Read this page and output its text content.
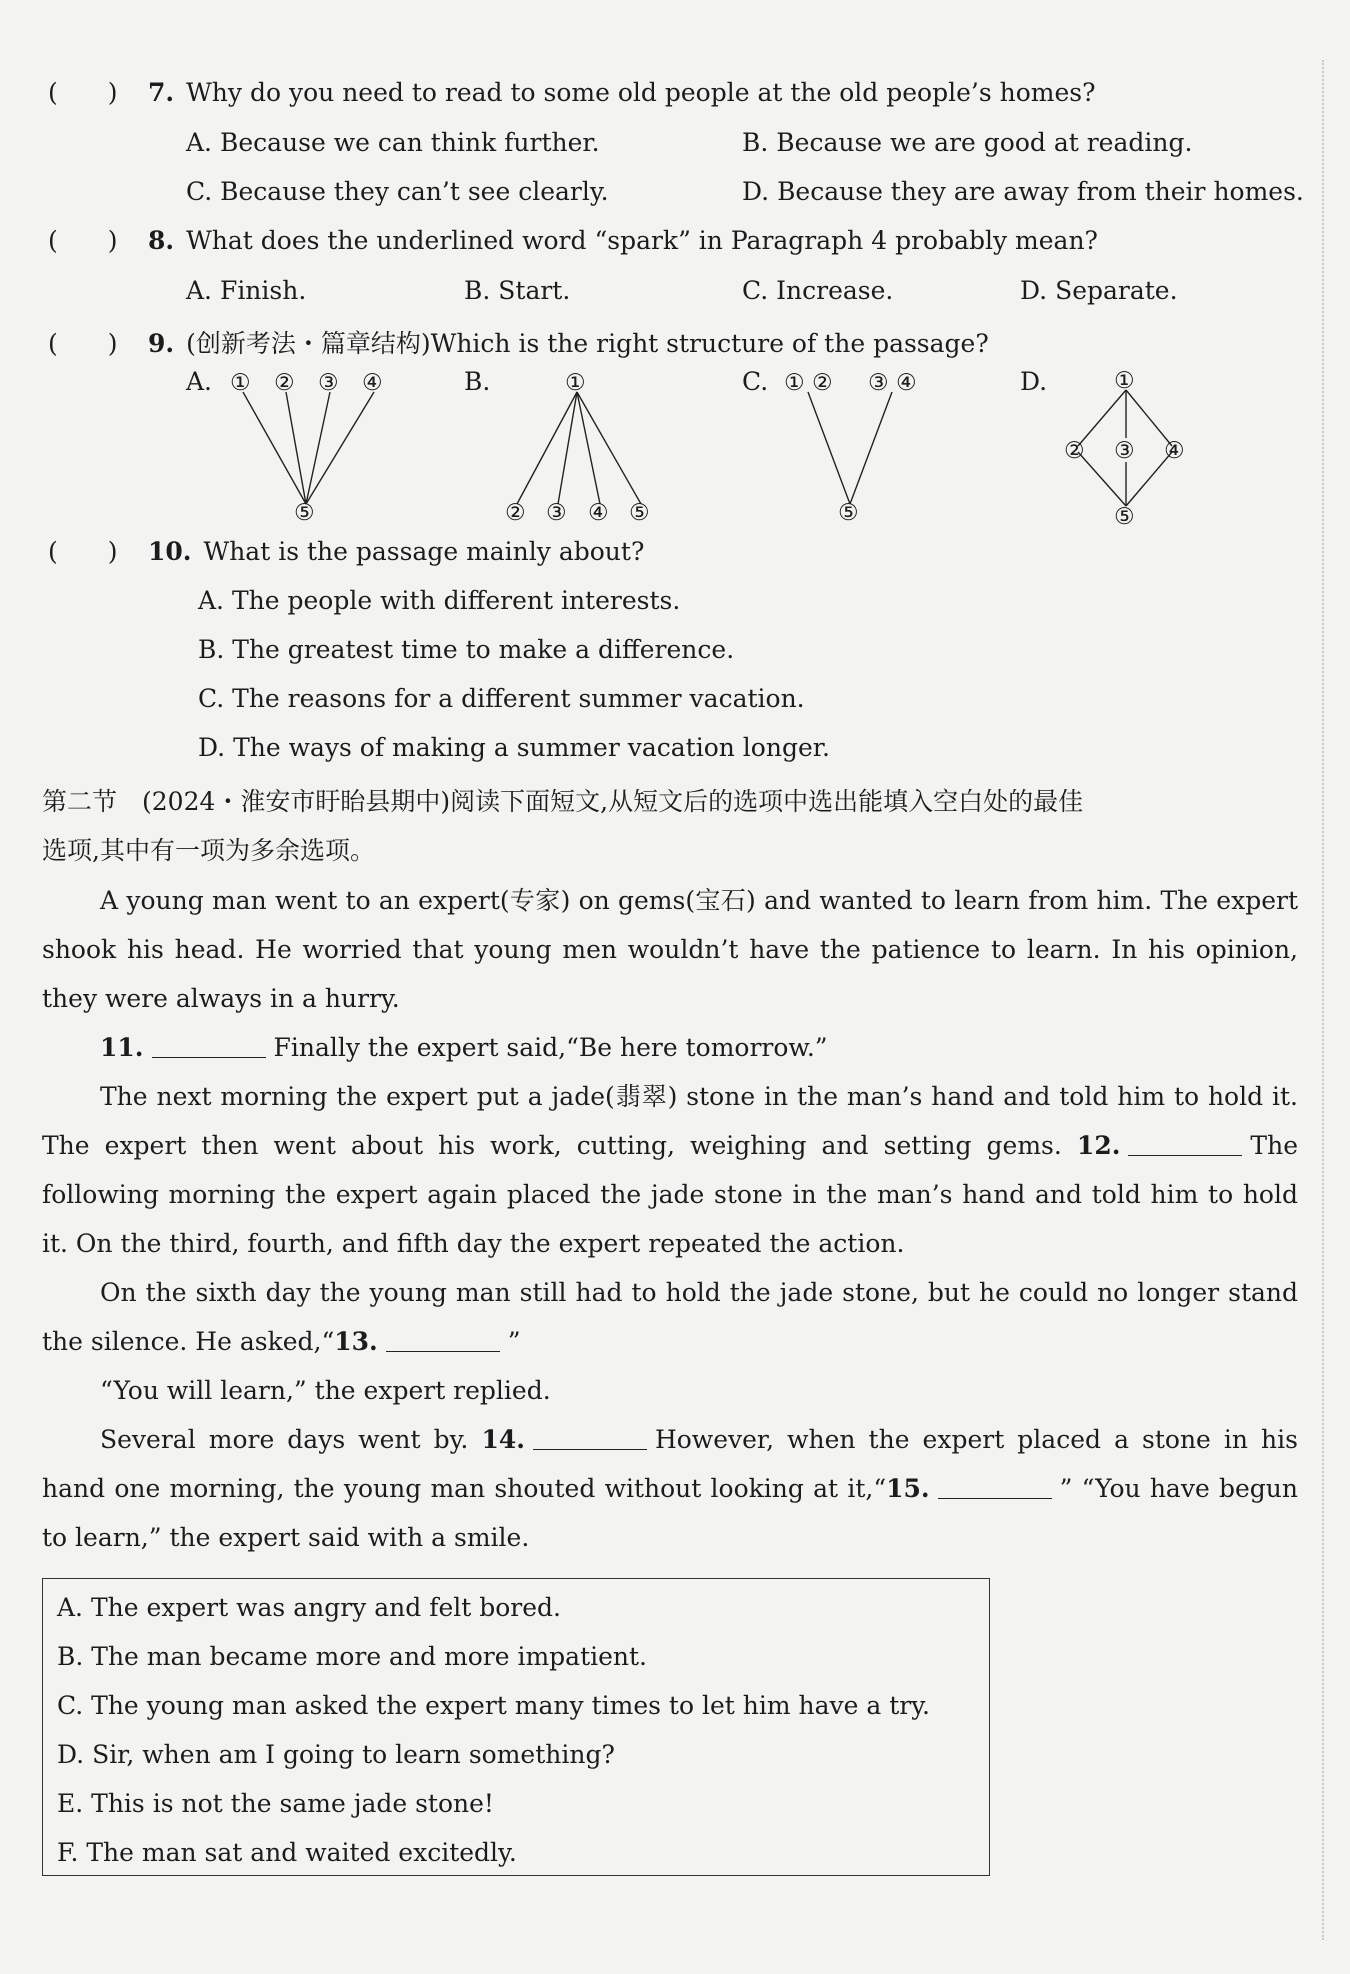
( ) 7. Why do you need to read to some old people at the old people’s homes?
A. Because we can think further.	B. Because we are good at reading.
C. Because they can’t see clearly.	D. Because they are away from their homes.
( ) 8. What does the underlined word “spark” in Paragraph 4 probably mean?
A. Finish.	B. Start.	C. Increase.	D. Separate.
( ) 9. (创新考法・篇章结构)Which is the right structure of the passage?
A. ① ② ③ ④
⑤
B.	①
② ③ ④ ⑤
C. ① ② ③ ④
⑤
D.	①
② ③ ④
⑤
( ) 10. What is the passage mainly about?
A. The people with different interests.
B. The greatest time to make a difference.
C. The reasons for a different summer vacation.
D. The ways of making a summer vacation longer.
第二节　(2024・淮安市盱眙县期中)阅读下面短文,从短文后的选项中选出能填入空白处的最佳
选项,其中有一项为多余选项。
A young man went to an expert(专家) on gems(宝石) and wanted to learn from him. The expert shook his head. He worried that young men wouldn’t have the patience to learn. In his opinion, they were always in a hurry.
11.	Finally the expert said,“Be here tomorrow.”
The next morning the expert put a jade(翡翠) stone in the man’s hand and told him to hold it. The expert then went about his work, cutting, weighing and setting gems. 12.	The following morning the expert again placed the jade stone in the man’s hand and told him to hold it. On the third, fourth, and fifth day the expert repeated the action.
On the sixth day the young man still had to hold the jade stone, but he could no longer stand the silence. He asked,“13.	”
“You will learn,” the expert replied.
Several more days went by. 14.	However, when the expert placed a stone in his hand one morning, the young man shouted without looking at it,“15.	” “You have begun to learn,” the expert said with a smile.
A. The expert was angry and felt bored.
B. The man became more and more impatient.
C. The young man asked the expert many times to let him have a try.
D. Sir, when am I going to learn something?
E. This is not the same jade stone!
F. The man sat and waited excitedly.
